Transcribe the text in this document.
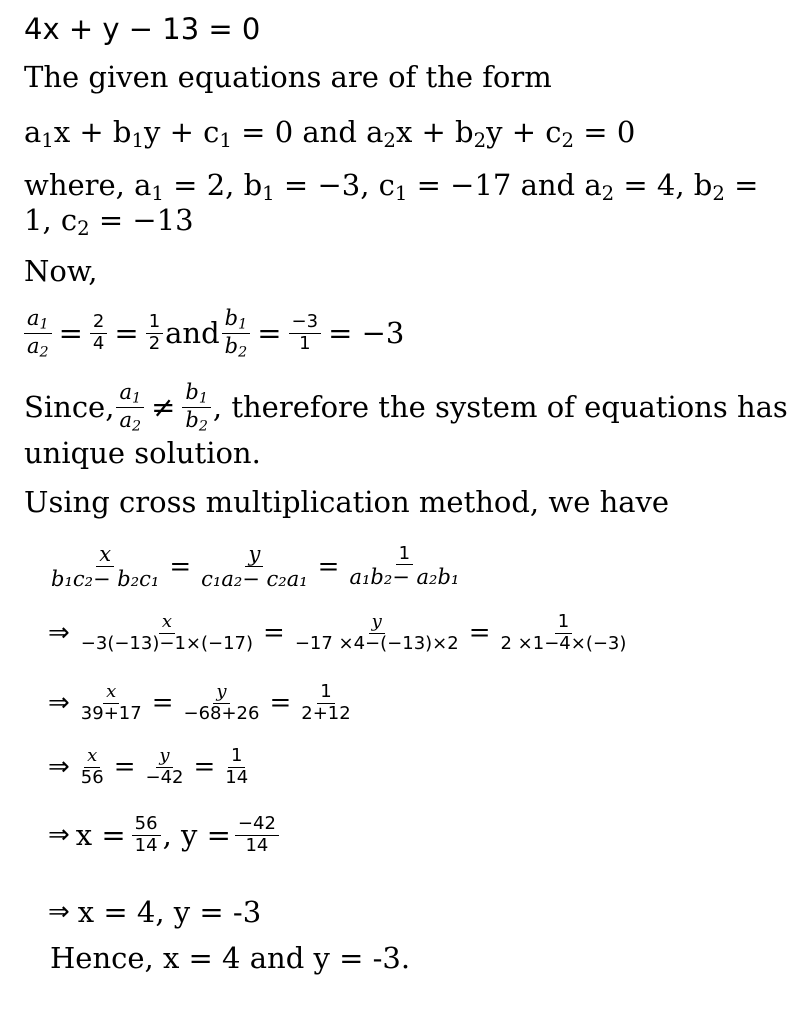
4x + y − 13 = 0
The given equations are of the form
$a_1x + b_1y + c_1 = 0$ and $a_2x + b_2y + c_2 = 0$
where, $a_1 = 2$, $b_1 = -3$, $c_1 = -17$ and $a_2 = 4$, $b_2$ =
1, $c_2 = -13$
Now,
$\frac{a_1}{a_2} = \frac{2}{4} = \frac{1}{2}$ and $\frac{b_1}{b_2} = \frac{-3}{1} = -3$
Since, $\frac{a_1}{a_2} \ne \frac{b_1}{b_2}$ , therefore the system of equations has
unique solution.
Using cross multiplication method, we have
$\frac{x}{\text{b₁c₂− b₂c₁}} = \frac{y}{\text{c₁a₂− c₂a₁}} = \frac{1}{\text{a₁b₂− a₂b₁}}$
⇒ $\frac{x}{-3(-13)-1\times(-17)} = \frac{y}{-17 \times 4-(-13)\times 2} = \frac{1}{2 \times 1-4\times(-3)}$
⇒ $\frac{x}{39+17} = \frac{y}{-68+26} = \frac{1}{2+12}$
⇒ $\frac{x}{56} = \frac{y}{-42} = \frac{1}{14}$
⇒ $x = \frac{56}{14}$ , $y = \frac{-42}{14}$
⇒ x = 4, y = -3
Hence, x = 4 and y = -3.
